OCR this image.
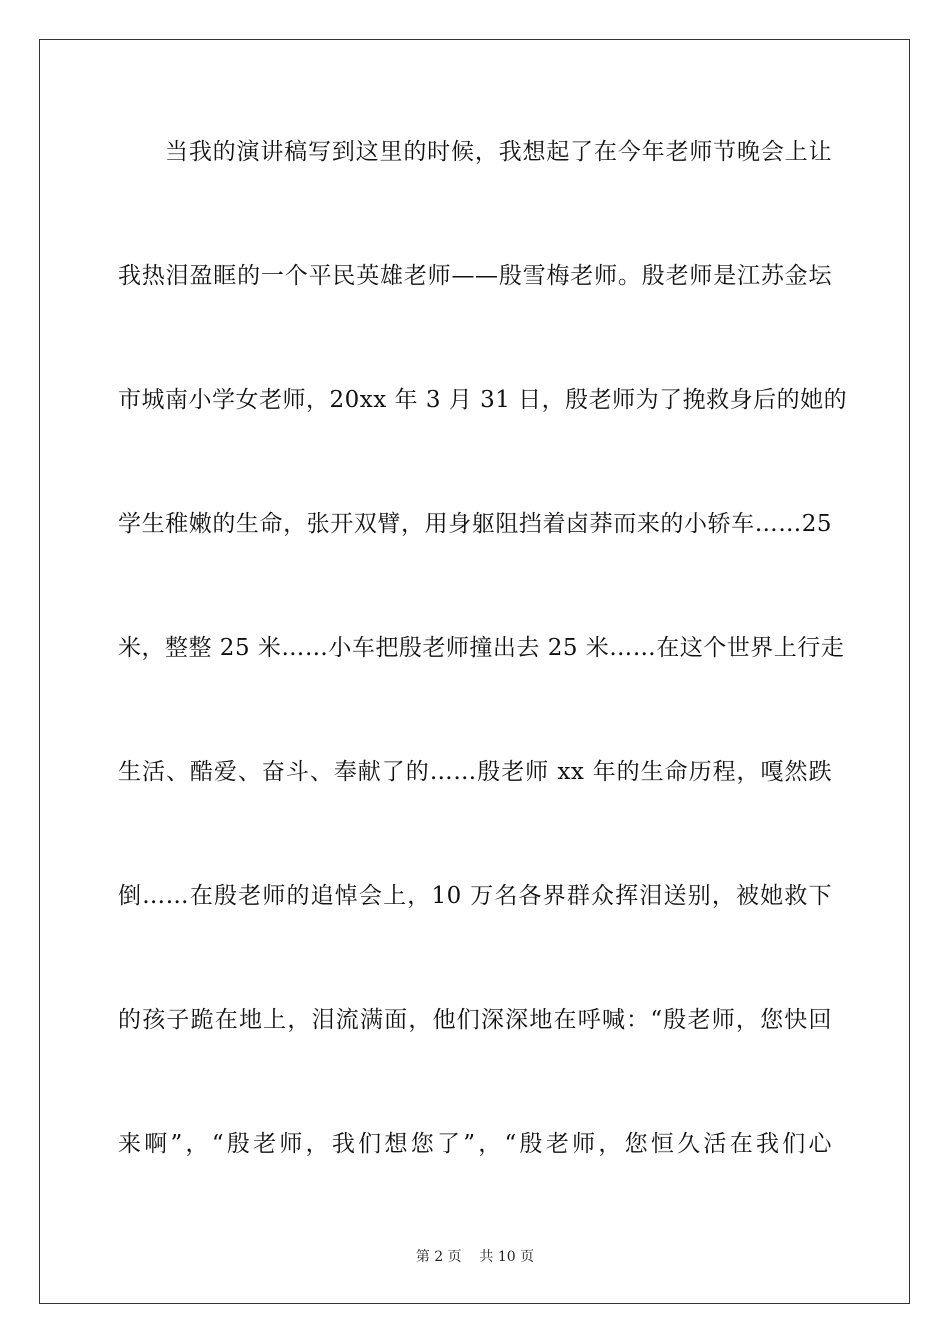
当我的演讲稿写到这里的时候，我想起了在今年老师节晚会上让
我热泪盈眶的一个平民英雄老师——殷雪梅老师。殷老师是江苏金坛
市城南小学女老师，20xx 年 3 月 31 日，殷老师为了挽救身后的她的
学生稚嫩的生命，张开双臂，用身躯阻挡着卤莽而来的小轿车……25
米，整整 25 米……小车把殷老师撞出去 25 米……在这个世界上行走
生活、酷爱、奋斗、奉献了的……殷老师 xx 年的生命历程，嘎然跌
倒……在殷老师的追悼会上，10 万名各界群众挥泪送别，被她救下
的孩子跪在地上，泪流满面，他们深深地在呼喊：“殷老师，您快回
来啊”，“殷老师，我们想您了”，“殷老师，您恒久活在我们心
第 2 页    共 10 页
